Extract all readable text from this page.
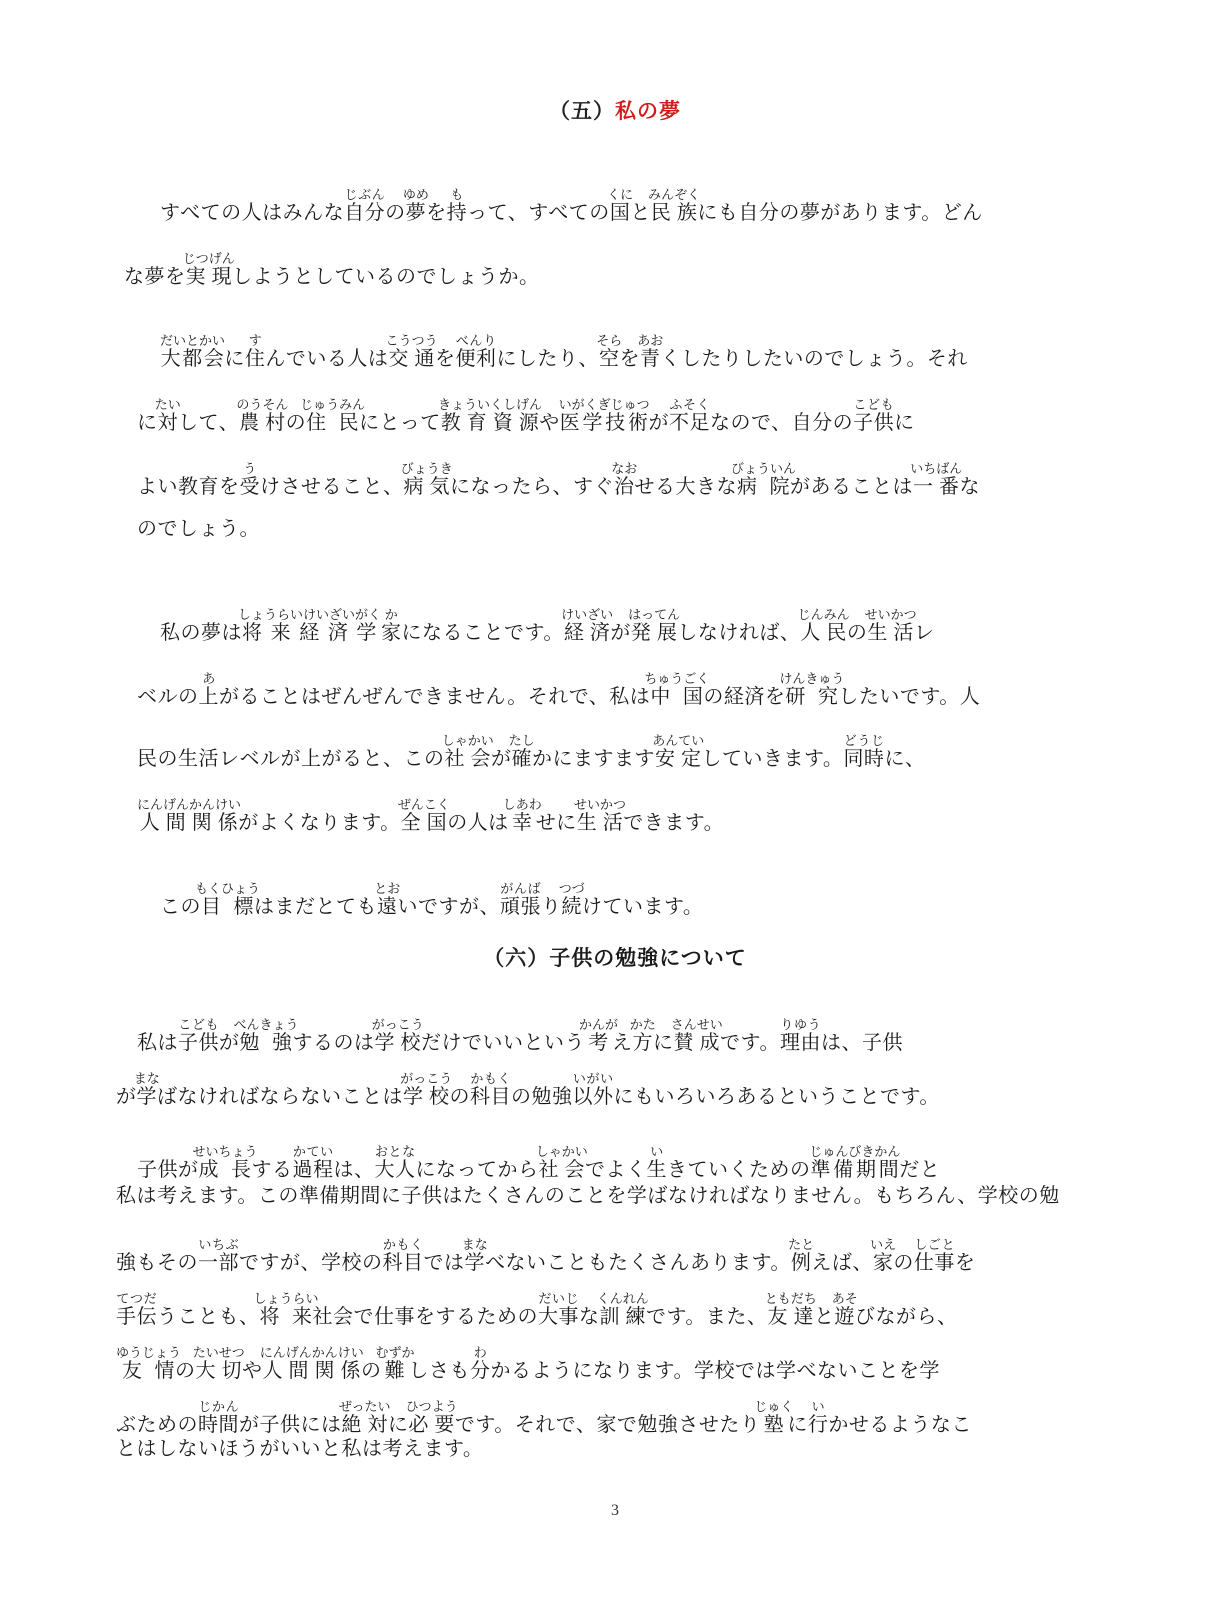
（五）私の夢
すべての人はみんな自分じぶんの夢ゆめを持もって、すべての国くにと民族みんぞくにも自分の夢があります。どん
な夢を実現じつげんしようとしているのでしょうか。
大都会だいとかいに住すんでいる人は交通こうつうを便利べんりにしたり、空そらを青あおくしたりしたいのでしょう。それ
に対たいして、農村のうそんの住民じゅうみんにとって教育資源きょういくしげんや医学技術いがくぎじゅつが不足ふそくなので、自分の子供こどもに
よい教育を受うけさせること、病気びょうきになったら、すぐ治なおせる大きな病院びょういんがあることは一番いちばんな
のでしょう。
私の夢は将来経済学しょうらいけいざいがく家かになることです。経済けいざいが発展はってんしなければ、人民じんみんの生活せいかつレ
ベルの上あがることはぜんぜんできません。それで、私は中国ちゅうごくの経済を研究けんきゅうしたいです。人
民の生活レベルが上がると、この社会しゃかいが確たしかにますます安定あんていしていきます。同時どうじに、
人間関係にんげんかんけいがよくなります。全国ぜんこくの人は幸しあわせに生活せいかつできます。
この目標もくひょうはまだとても遠とおいですが、頑張がんばり続つづけています。
（六）子供の勉強について
私は子供こどもが勉強べんきょうするのは学校がっこうだけでいいという考かんがえ方かたに賛成さんせいです。理由りゆうは、子供
が学まなばなければならないことは学校がっこうの科目かもくの勉強以外いがいにもいろいろあるということです。
子供が成長せいちょうする過程かていは、大人おとなになってから社会しゃかいでよく生いきていくための準備期間じゅんびきかんだと
私は考えます。この準備期間に子供はたくさんのことを学ばなければなりません。もちろん、学校の勉
強もその一部いちぶですが、学校の科目かもくでは学まなべないこともたくさんあります。例たとえば、家いえの仕事しごとを
手伝てつだうことも、将来しょうらい社会で仕事をするための大事だいじな訓練くんれんです。また、友達ともだちと遊あそびながら、
友情ゆうじょうの大切たいせつや人間関係にんげんかんけいの難むずかしさも分わかるようになります。学校では学べないことを学
ぶための時間じかんが子供には絶対ぜったいに必要ひつようです。それで、家で勉強させたり塾じゅくに行いかせるようなこ
とはしないほうがいいと私は考えます。
3
